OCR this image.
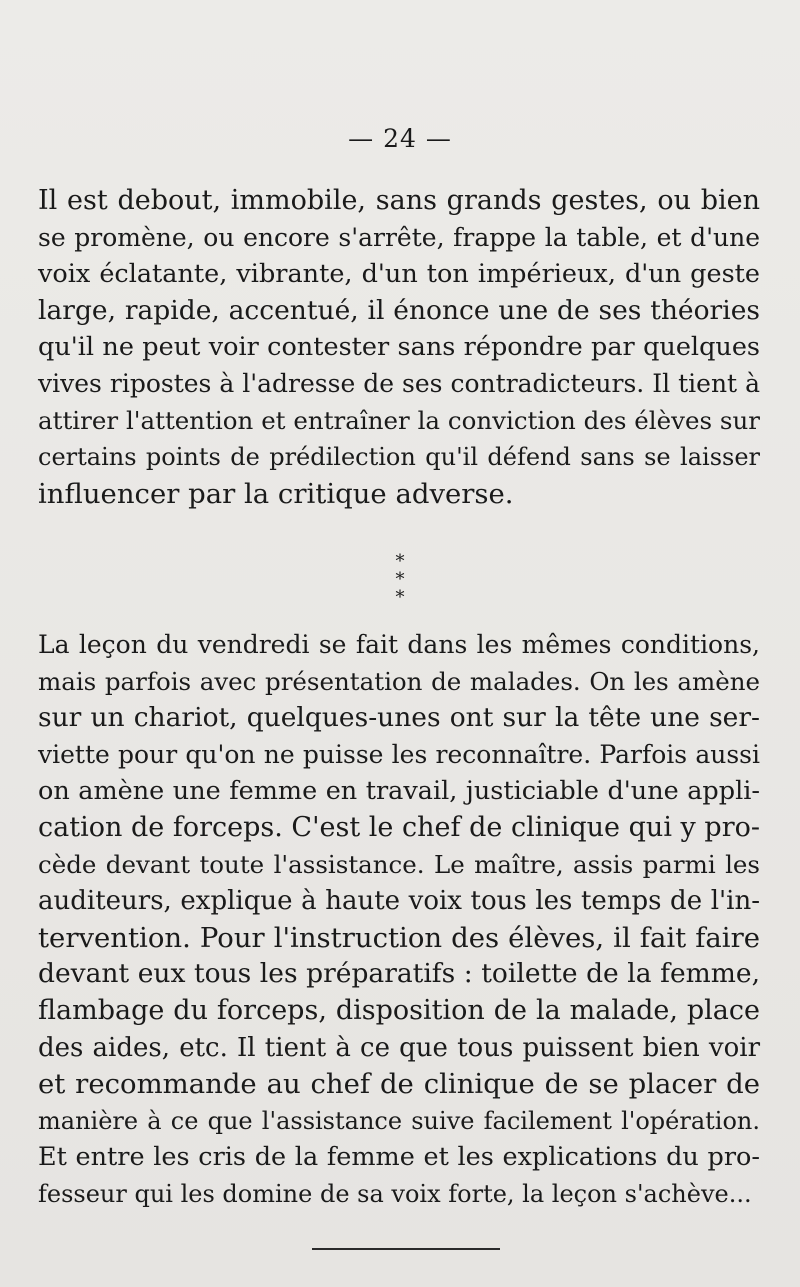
— 24 —

Il est debout, immobile, sans grands gestes, ou bien
se promène, ou encore s'arrête, frappe la table, et d'une
voix éclatante, vibrante, d'un ton impérieux, d'un geste
large, rapide, accentué, il énonce une de ses théories
qu'il ne peut voir contester sans répondre par quelques
vives ripostes à l'adresse de ses contradicteurs. Il tient à
attirer l'attention et entraîner la conviction des élèves sur
certains points de prédilection qu'il défend sans se laisser
influencer par la critique adverse.

*
* *

La leçon du vendredi se fait dans les mêmes conditions,
mais parfois avec présentation de malades. On les amène
sur un chariot, quelques-unes ont sur la tête une ser-
viette pour qu'on ne puisse les reconnaître. Parfois aussi
on amène une femme en travail, justiciable d'une appli-
cation de forceps. C'est le chef de clinique qui y pro-
cède devant toute l'assistance. Le maître, assis parmi les
auditeurs, explique à haute voix tous les temps de l'in-
tervention. Pour l'instruction des élèves, il fait faire
devant eux tous les préparatifs : toilette de la femme,
flambage du forceps, disposition de la malade, place
des aides, etc. Il tient à ce que tous puissent bien voir
et recommande au chef de clinique de se placer de
manière à ce que l'assistance suive facilement l'opération.
Et entre les cris de la femme et les explications du pro-
fesseur qui les domine de sa voix forte, la leçon s'achève...
